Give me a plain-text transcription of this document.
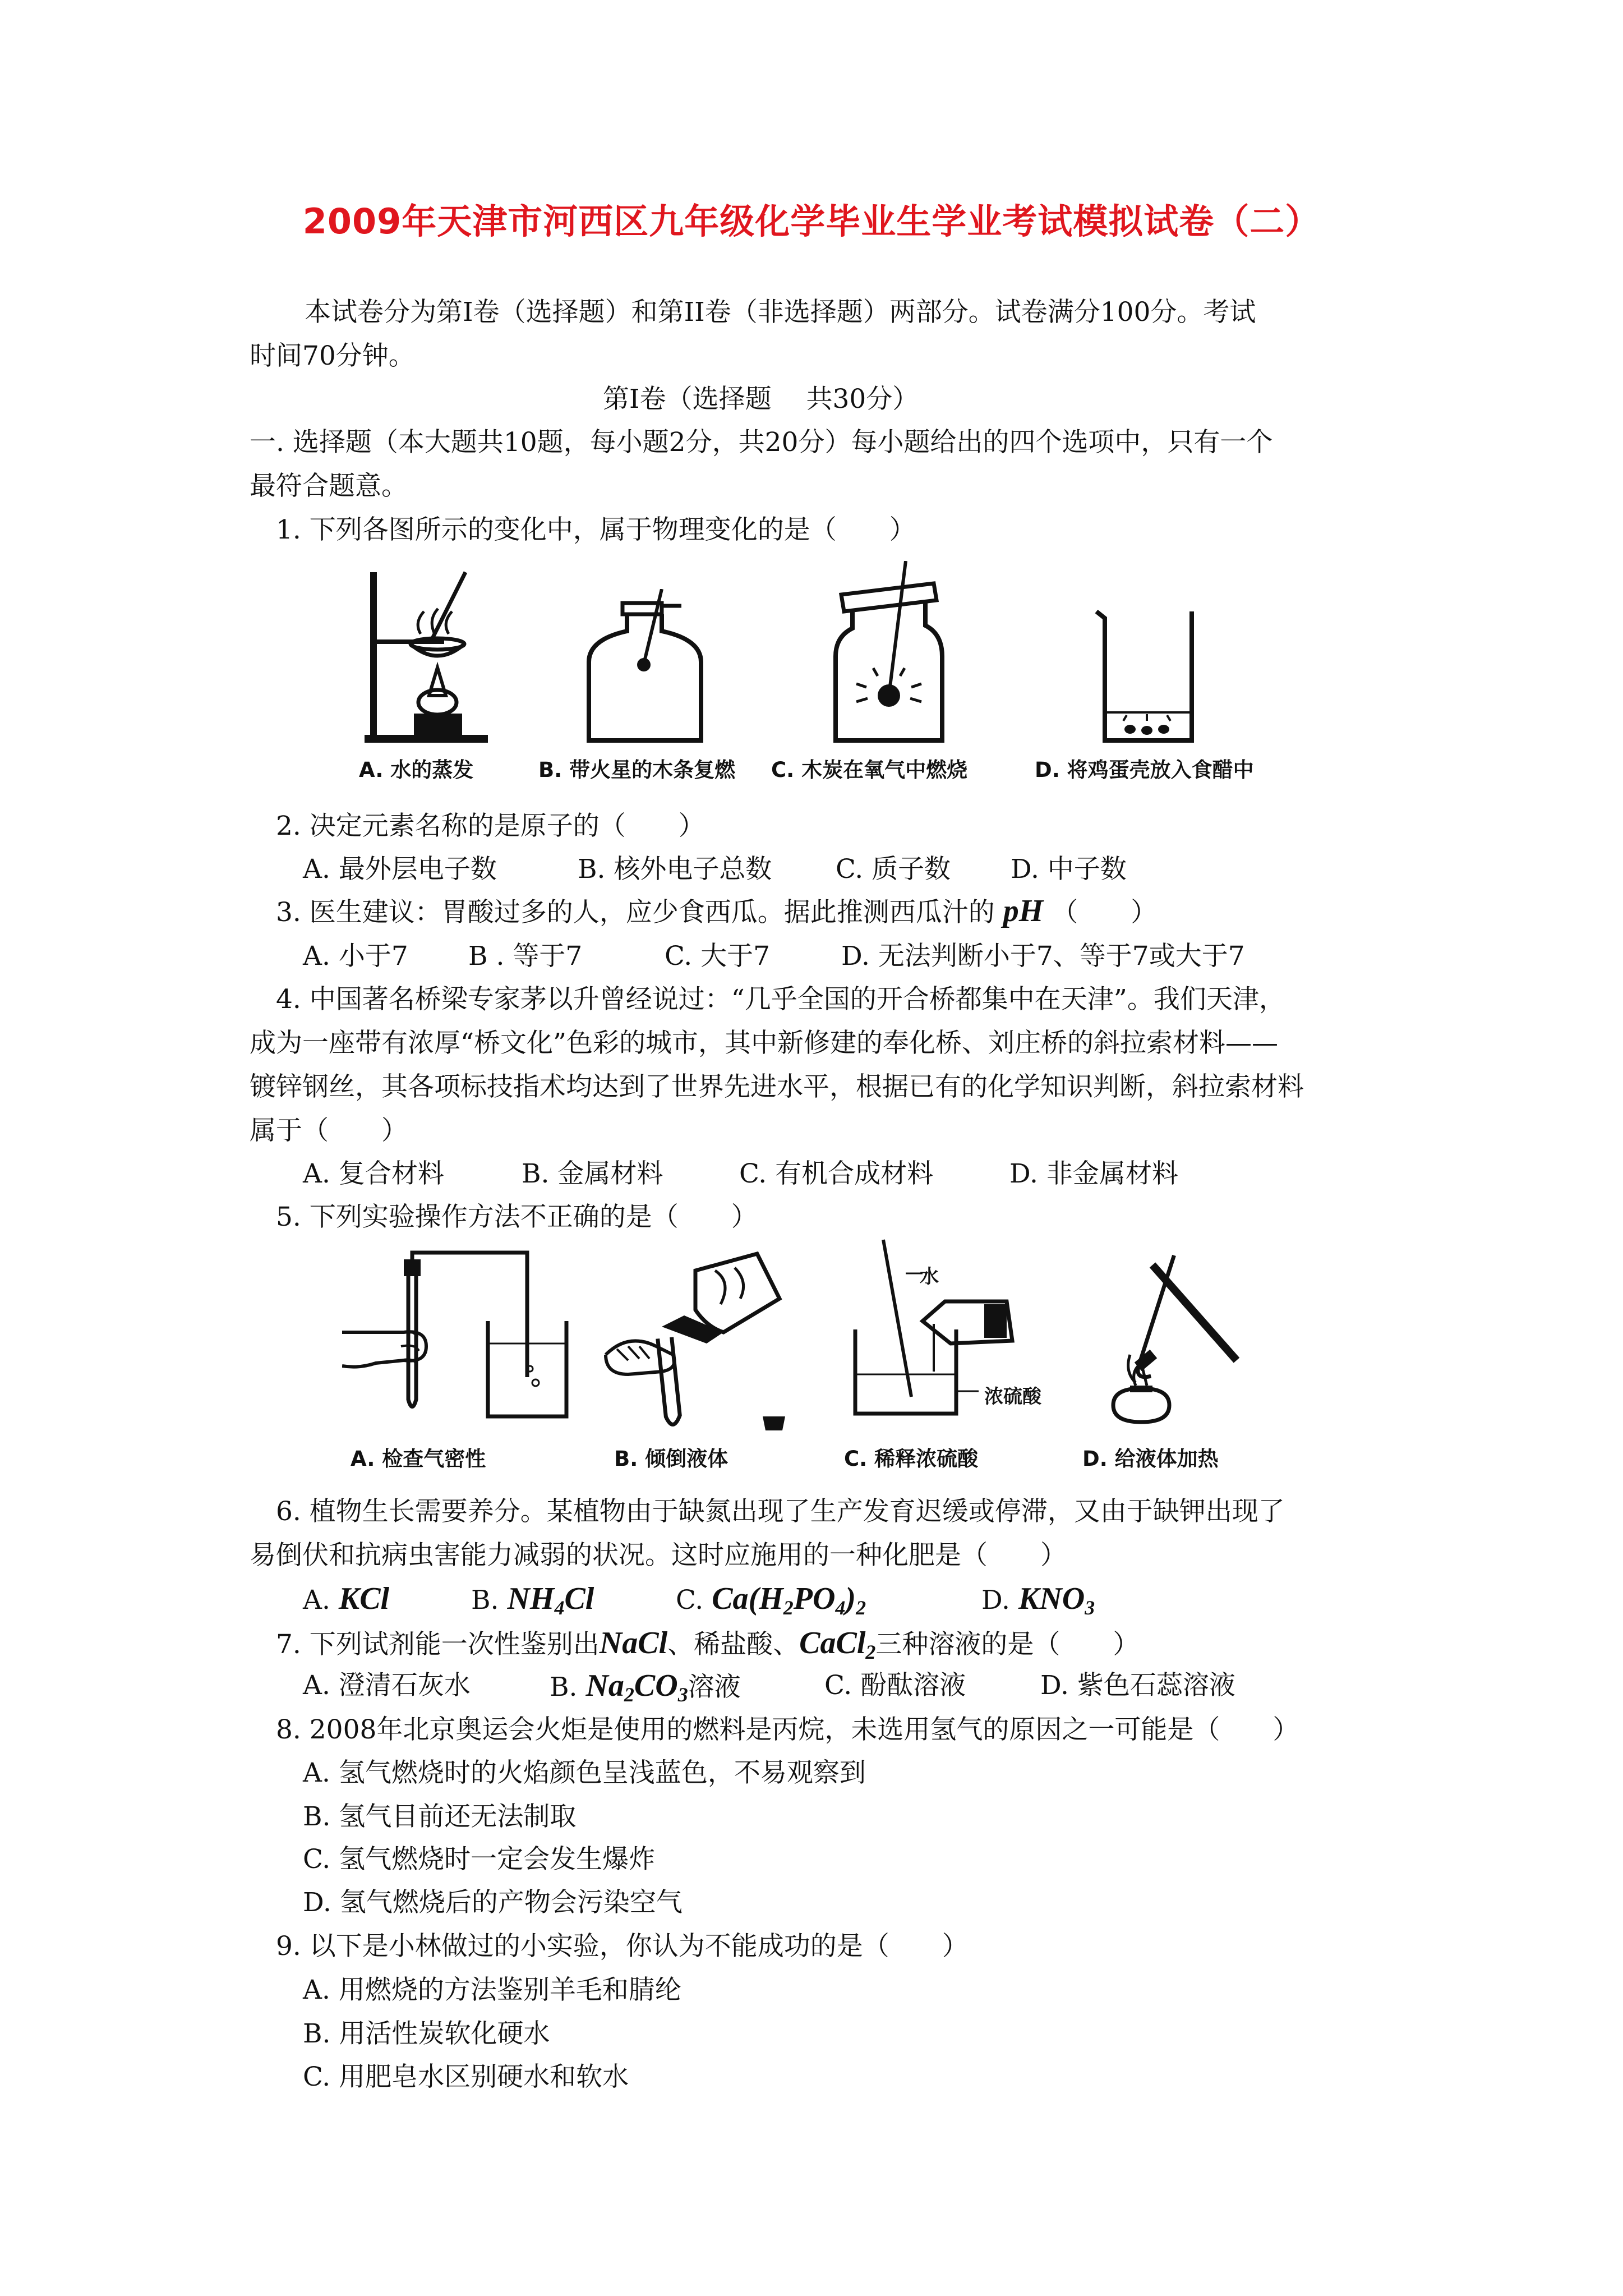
2009年天津市河西区九年级化学毕业生学业考试模拟试卷（二）
本试卷分为第I卷（选择题）和第II卷（非选择题）两部分。试卷满分100分。考试
时间70分钟。
第I卷（选择题　 共30分）
一. 选择题（本大题共10题，每小题2分，共20分）每小题给出的四个选项中，只有一个
最符合题意。
1. 下列各图所示的变化中，属于物理变化的是（　　）
A. 水的蒸发	B. 带火星的木条复燃 C. 木炭在氧气中燃烧	D. 将鸡蛋壳放入食醋中
2. 决定元素名称的是原子的（　　）
A. 最外层电子数	B. 核外电子总数 C. 质子数 D. 中子数
3. 医生建议：胃酸过多的人，应少食西瓜。据此推测西瓜汁的 pH （　　）
A. 小于7 B . 等于7	C. 大于7	D. 无法判断小于7、等于7或大于7
4. 中国著名桥梁专家茅以升曾经说过：“几乎全国的开合桥都集中在天津”。我们天津，
成为一座带有浓厚“桥文化”色彩的城市，其中新修建的奉化桥、刘庄桥的斜拉索材料——
镀锌钢丝，其各项标技指术均达到了世界先进水平，根据已有的化学知识判断，斜拉索材料
属于（　　）
A. 复合材料	B. 金属材料	C. 有机合成材料	D. 非金属材料
5. 下列实验操作方法不正确的是（　　）
水
浓硫酸
A. 检查气密性	B. 倾倒液体	C. 稀释浓硫酸	D. 给液体加热
6. 植物生长需要养分。某植物由于缺氮出现了生产发育迟缓或停滞，又由于缺钾出现了
易倒伏和抗病虫害能力减弱的状况。这时应施用的一种化肥是（　　）
A. KCl	B. $NH_4Cl$	C. $Ca(H_2PO_4)_2$	D. $KNO_3$
7. 下列试剂能一次性鉴别出NaCl、稀盐酸、CaCl$_2$三种溶液的是（　　）
A. 澄清石灰水	B. $Na_2CO_3$溶液	C. 酚酞溶液	D. 紫色石蕊溶液
8. 2008年北京奥运会火炬是使用的燃料是丙烷，未选用氢气的原因之一可能是（　　）
A. 氢气燃烧时的火焰颜色呈浅蓝色，不易观察到
B. 氢气目前还无法制取
C. 氢气燃烧时一定会发生爆炸
D. 氢气燃烧后的产物会污染空气
9. 以下是小林做过的小实验，你认为不能成功的是（　　）
A. 用燃烧的方法鉴别羊毛和腈纶
B. 用活性炭软化硬水
C. 用肥皂水区别硬水和软水
